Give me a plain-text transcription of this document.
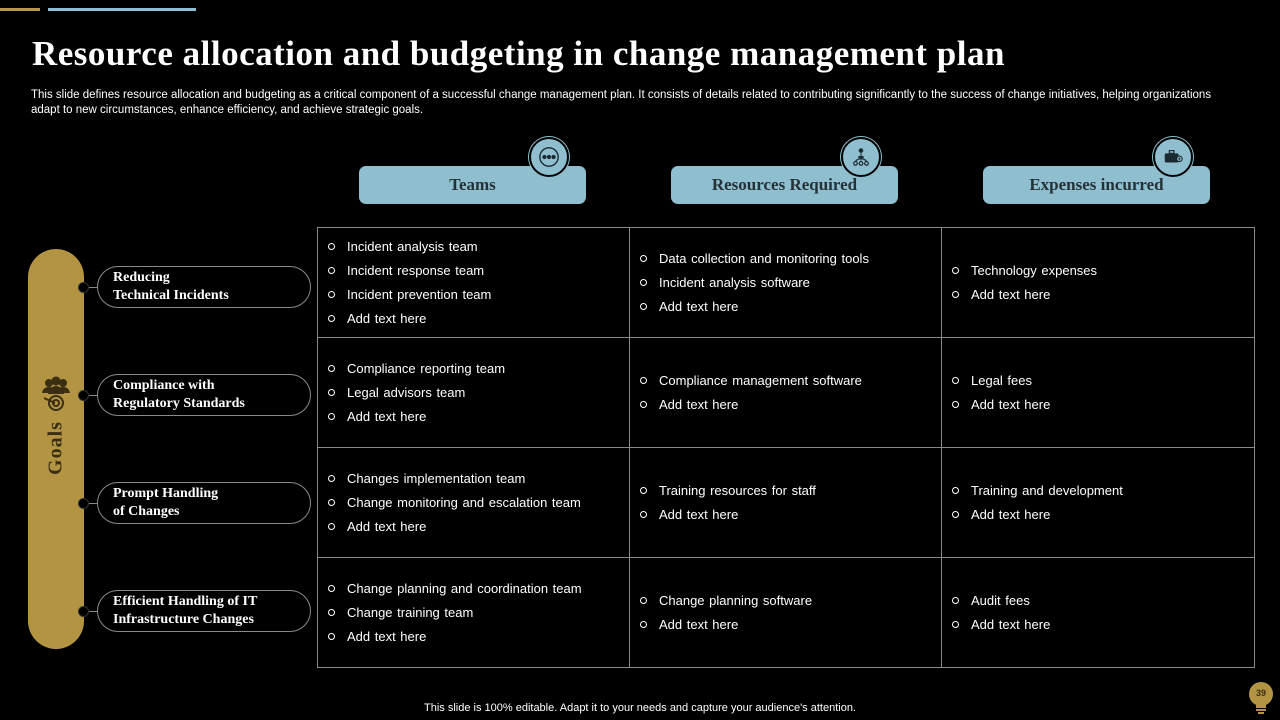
Resource allocation and budgeting in change management plan
This slide defines resource allocation and budgeting as a critical component of a successful change management plan. It consists of details related to contributing significantly to the success of change initiatives, helping organizations adapt to new circumstances, enhance efficiency, and achieve strategic goals.
Teams	Resources Required	Expenses incurred
Incident analysis team
Incident response team
Incident prevention team
Add text here
Data collection and monitoring tools
Incident analysis software
Add text here
Technology expenses
Add text here
Compliance reporting team
Legal advisors team
Add text here
Compliance management software
Add text here
Legal fees
Add text here
Changes implementation team
Change monitoring and escalation team
Add text here
Training resources for staff
Add text here
Training and development
Add text here
Change planning and coordination team
Change training team
Add text here
Change planning software
Add text here
Audit fees
Add text here
Goals
Reducing
Technical Incidents
Compliance with
Regulatory Standards
Prompt Handling
of Changes
Efficient Handling of IT
Infrastructure Changes
This slide is 100% editable. Adapt it to your needs and capture your audience's attention.
39
